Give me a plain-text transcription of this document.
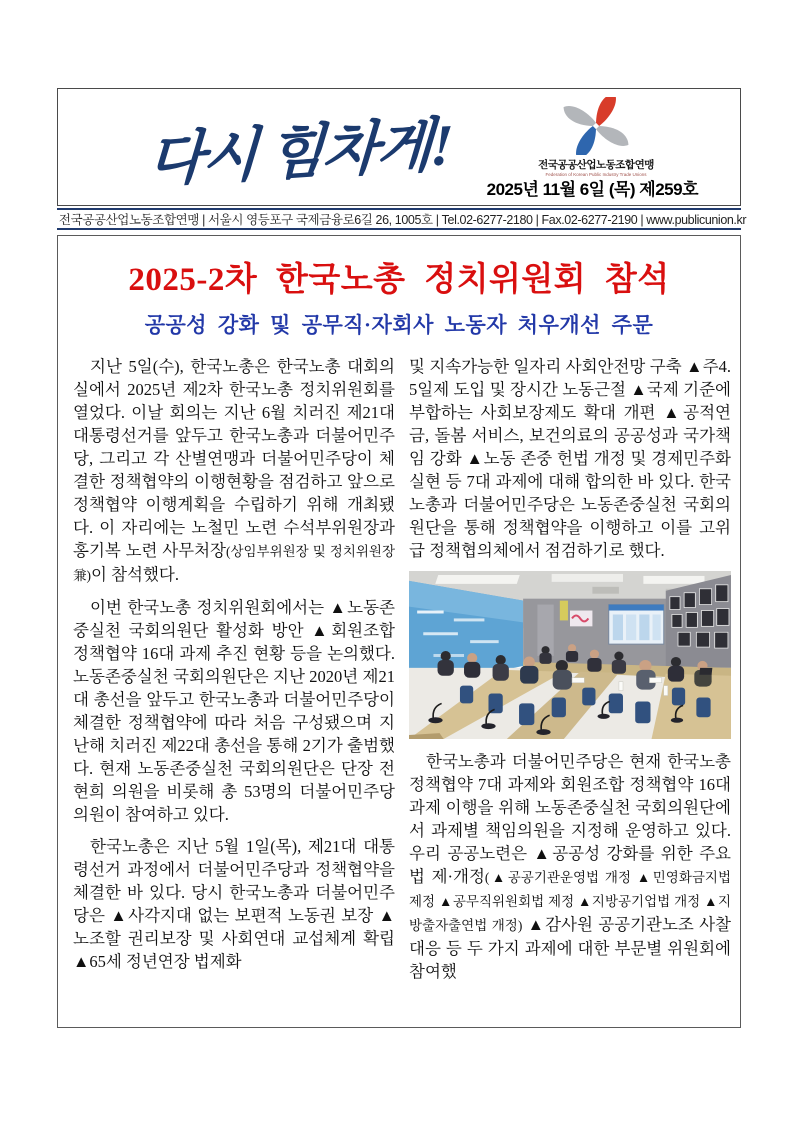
다시 힘차게!	전국공공산업노동조합연맹
Federation of Korean Public Industry Trade Unions
2025년 11월 6일 (목) 제259호
전국공공산업노동조합연맹 | 서울시 영등포구 국제금융로6길 26, 1005호 | Tel.02-6277-2180 | Fax.02-6277-2190 | www.publicunion.kr
2025-2차 한국노총 정치위원회 참석
공공성 강화 및 공무직·자회사 노동자 처우개선 주문

지난 5일(수), 한국노총은 한국노총 대회의실에서 2025년 제2차 한국노총 정치위원회를 열었다. 이날 회의는 지난 6월 치러진 제21대 대통령선거를 앞두고 한국노총과 더불어민주당, 그리고 각 산별연맹과 더불어민주당이 체결한 정책협약의 이행현황을 점검하고 앞으로 정책협약 이행계획을 수립하기 위해 개최됐다. 이 자리에는 노철민 노련 수석부위원장과 홍기복 노련 사무처장(상임부위원장 및 정치위원장 兼)이 참석했다.

이번 한국노총 정치위원회에서는 ▲노동존중실천 국회의원단 활성화 방안 ▲회원조합 정책협약 16대 과제 추진 현황 등을 논의했다. 노동존중실천 국회의원단은 지난 2020년 제21대 총선을 앞두고 한국노총과 더불어민주당이 체결한 정책협약에 따라 처음 구성됐으며 지난해 치러진 제22대 총선을 통해 2기가 출범했다. 현재 노동존중실천 국회의원단은 단장 전현희 의원을 비롯해 총 53명의 더불어민주당 의원이 참여하고 있다.

한국노총은 지난 5월 1일(목), 제21대 대통령선거 과정에서 더불어민주당과 정책협약을 체결한 바 있다. 당시 한국노총과 더불어민주당은 ▲사각지대 없는 보편적 노동권 보장 ▲노조할 권리보장 및 사회연대 교섭체계 확립 ▲65세 정년연장 법제화

및 지속가능한 일자리 사회안전망 구축 ▲주4.5일제 도입 및 장시간 노동근절 ▲국제 기준에 부합하는 사회보장제도 확대 개편 ▲공적연금, 돌봄 서비스, 보건의료의 공공성과 국가책임 강화 ▲노동 존중 헌법 개정 및 경제민주화 실현 등 7대 과제에 대해 합의한 바 있다. 한국노총과 더불어민주당은 노동존중실천 국회의원단을 통해 정책협약을 이행하고 이를 고위급 정책협의체에서 점검하기로 했다.

한국노총과 더불어민주당은 현재 한국노총 정책협약 7대 과제와 회원조합 정책협약 16대 과제 이행을 위해 노동존중실천 국회의원단에서 과제별 책임의원을 지정해 운영하고 있다. 우리 공공노련은 ▲공공성 강화를 위한 주요 법 제·개정(▲공공기관운영법 개정 ▲민영화금지법 제정 ▲공무직위원회법 제정 ▲지방공기업법 개정 ▲지방출자출연법 개정) ▲감사원 공공기관노조 사찰 대응 등 두 가지 과제에 대한 부문별 위원회에 참여했
